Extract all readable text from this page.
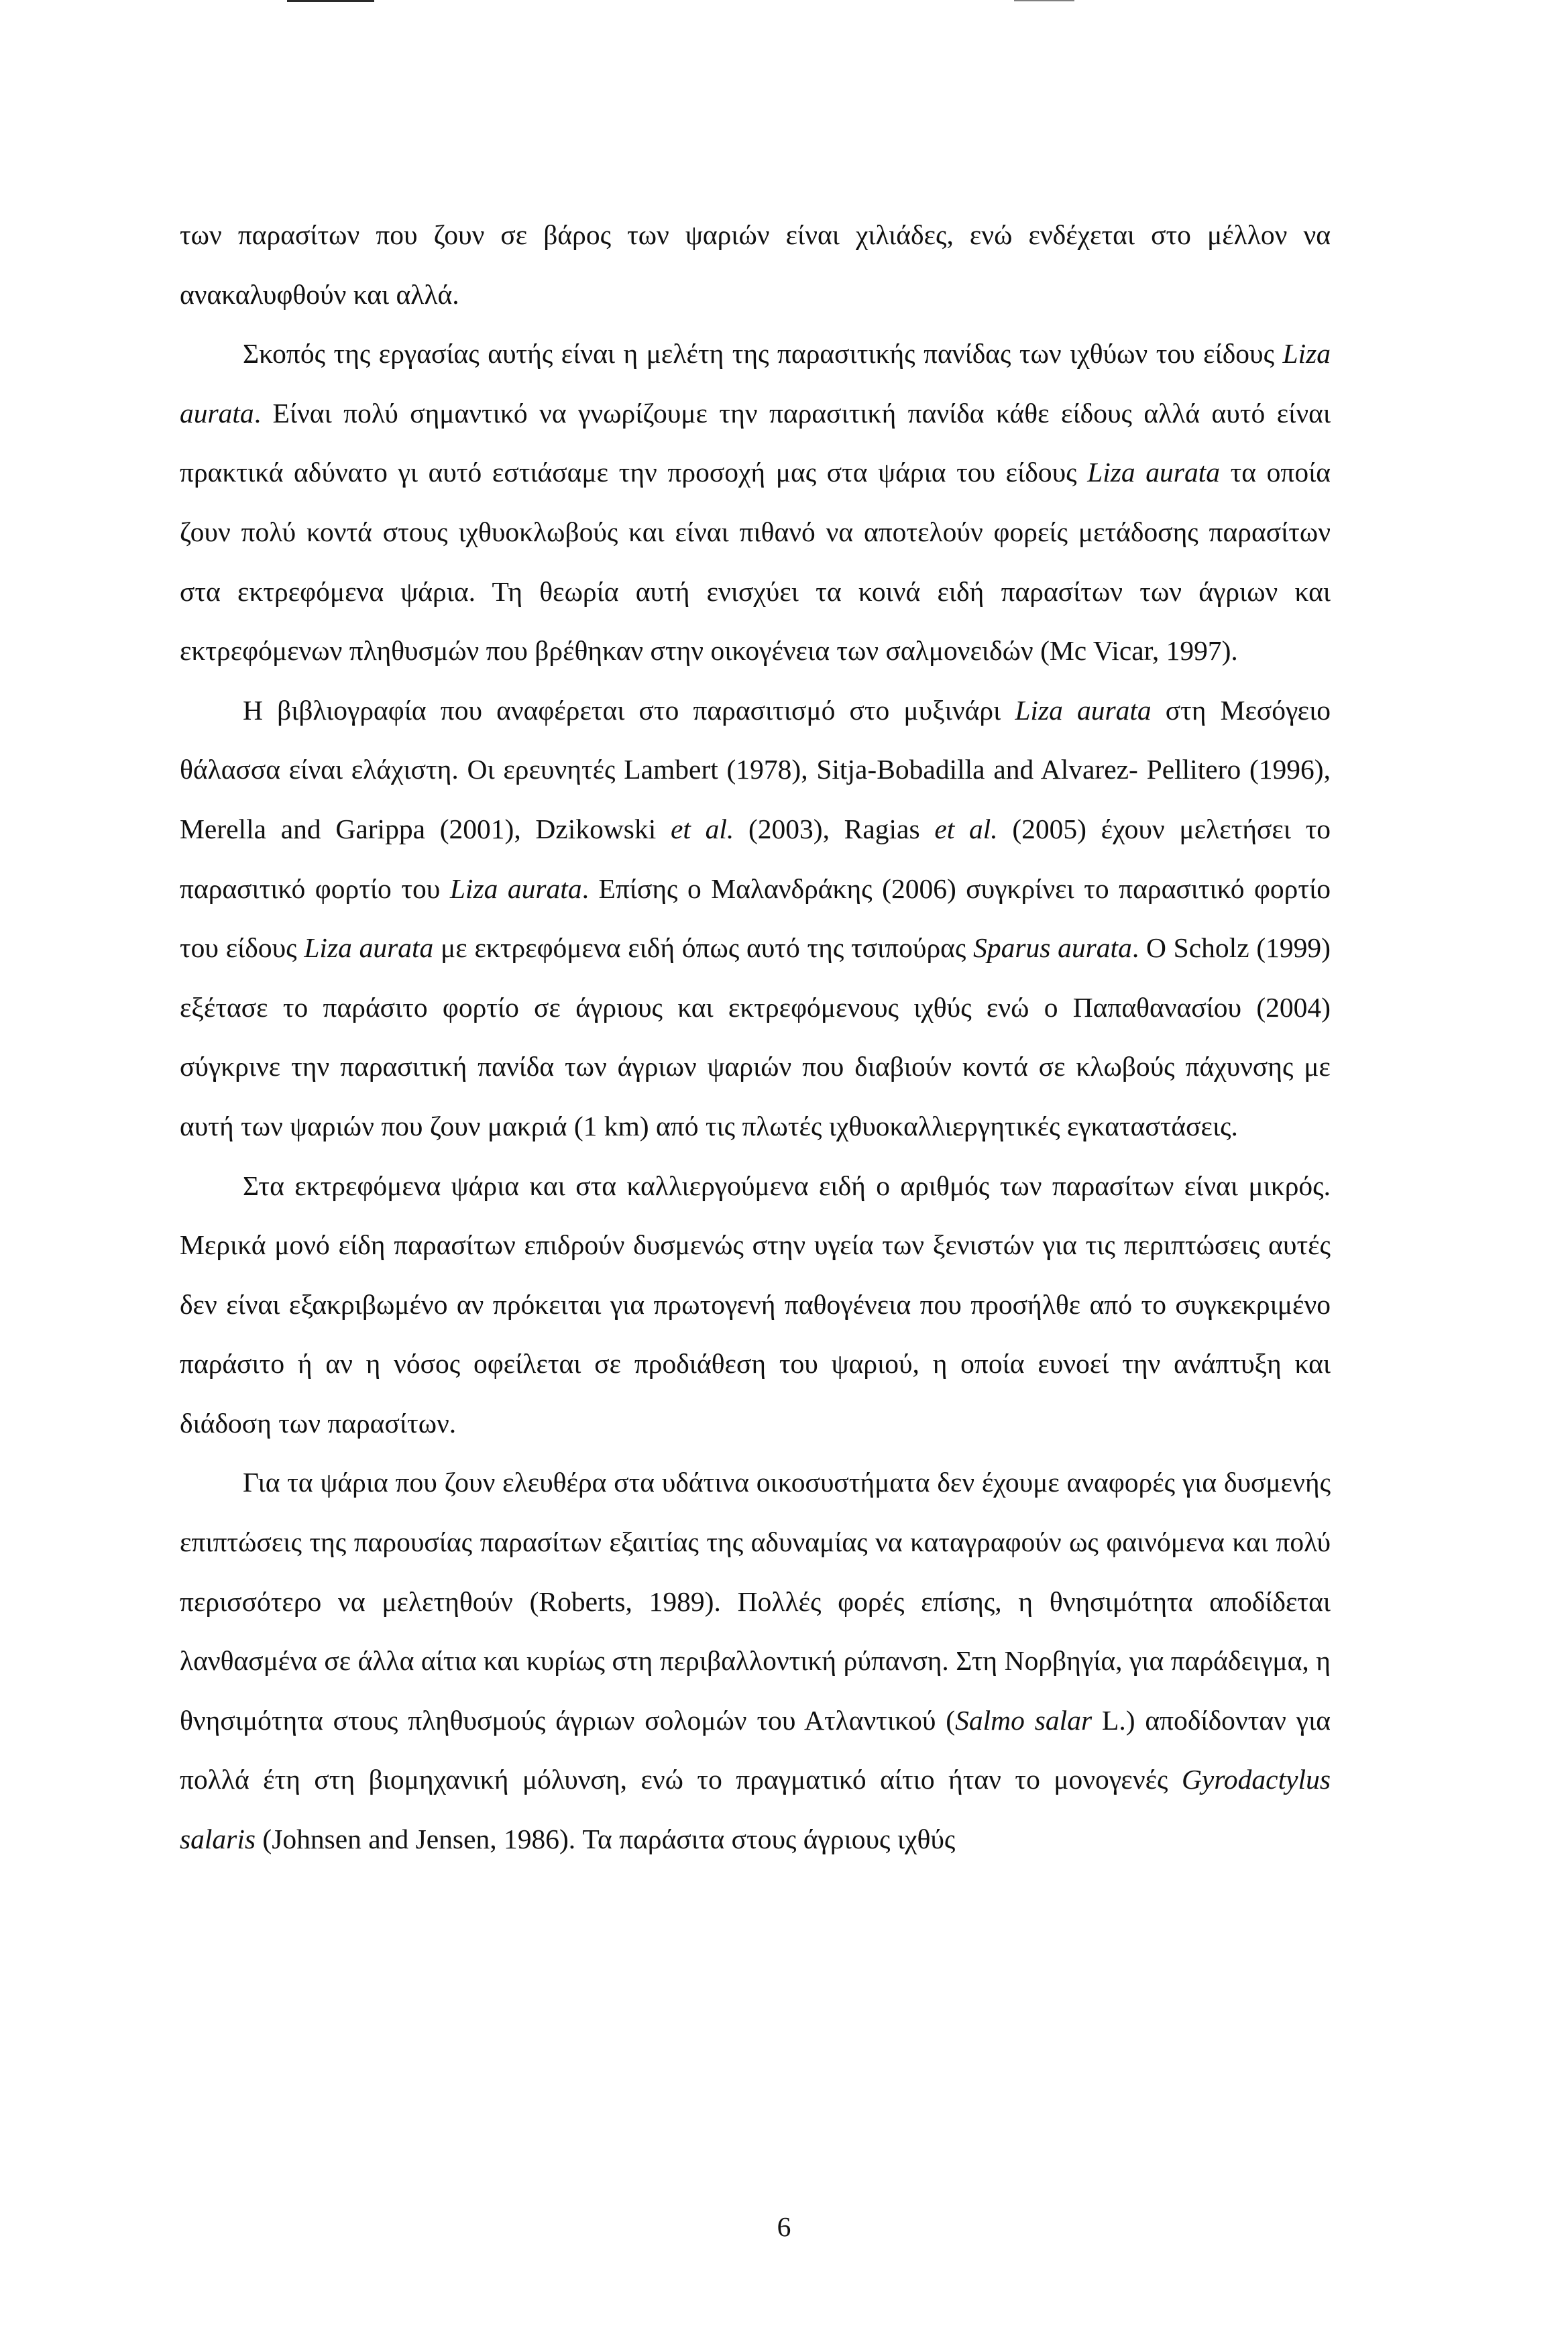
των παρασίτων που ζουν σε βάρος των ψαριών είναι χιλιάδες, ενώ ενδέχεται στο μέλλον να ανακαλυφθούν και αλλά.

Σκοπός της εργασίας αυτής είναι η μελέτη της παρασιτικής πανίδας των ιχθύων του είδους Liza aurata. Είναι πολύ σημαντικό να γνωρίζουμε την παρασιτική πανίδα κάθε είδους αλλά αυτό είναι πρακτικά αδύνατο γι αυτό εστιάσαμε την προσοχή μας στα ψάρια του είδους Liza aurata τα οποία ζουν πολύ κοντά στους ιχθυοκλωβούς και είναι πιθανό να αποτελούν φορείς μετάδοσης παρασίτων στα εκτρεφόμενα ψάρια. Τη θεωρία αυτή ενισχύει τα κοινά ειδή παρασίτων των άγριων και εκτρεφόμενων πληθυσμών που βρέθηκαν στην οικογένεια των σαλμονειδών (Mc Vicar, 1997).

Η βιβλιογραφία που αναφέρεται στο παρασιτισμό στο μυξινάρι Liza aurata στη Μεσόγειο θάλασσα είναι ελάχιστη. Οι ερευνητές Lambert (1978), Sitja-Bobadilla and Alvarez- Pellitero (1996), Merella and Garippa (2001), Dzikowski et al. (2003), Ragias et al. (2005) έχουν μελετήσει το παρασιτικό φορτίο του Liza aurata. Επίσης ο Μαλανδράκης (2006) συγκρίνει το παρασιτικό φορτίο του είδους Liza aurata με εκτρεφόμενα ειδή όπως αυτό της τσιπούρας Sparus aurata. O Scholz (1999) εξέτασε το παράσιτο φορτίο σε άγριους και εκτρεφόμενους ιχθύς ενώ ο Παπαθανασίου (2004) σύγκρινε την παρασιτική πανίδα των άγριων ψαριών που διαβιούν κοντά σε κλωβούς πάχυνσης με αυτή των ψαριών που ζουν μακριά (1 km) από τις πλωτές ιχθυοκαλλιεργητικές εγκαταστάσεις.

Στα εκτρεφόμενα ψάρια και στα καλλιεργούμενα ειδή ο αριθμός των παρασίτων είναι μικρός. Μερικά μονό είδη παρασίτων επιδρούν δυσμενώς στην υγεία των ξενιστών για τις περιπτώσεις αυτές δεν είναι εξακριβωμένο αν πρόκειται για πρωτογενή παθογένεια που προσήλθε από το συγκεκριμένο παράσιτο ή αν η νόσος οφείλεται σε προδιάθεση του ψαριού, η οποία ευνοεί την ανάπτυξη και διάδοση των παρασίτων.

Για τα ψάρια που ζουν ελευθέρα στα υδάτινα οικοσυστήματα δεν έχουμε αναφορές για δυσμενής επιπτώσεις της παρουσίας παρασίτων εξαιτίας της αδυναμίας να καταγραφούν ως φαινόμενα και πολύ περισσότερο να μελετηθούν (Roberts, 1989). Πολλές φορές επίσης, η θνησιμότητα αποδίδεται λανθασμένα σε άλλα αίτια και κυρίως στη περιβαλλοντική ρύπανση. Στη Νορβηγία, για παράδειγμα, η θνησιμότητα στους πληθυσμούς άγριων σολομών του Ατλαντικού (Salmo salar L.) αποδίδονταν για πολλά έτη στη βιομηχανική μόλυνση, ενώ το πραγματικό αίτιο ήταν το μονογενές Gyrodactylus salaris (Johnsen and Jensen, 1986). Τα παράσιτα στους άγριους ιχθύς

6
